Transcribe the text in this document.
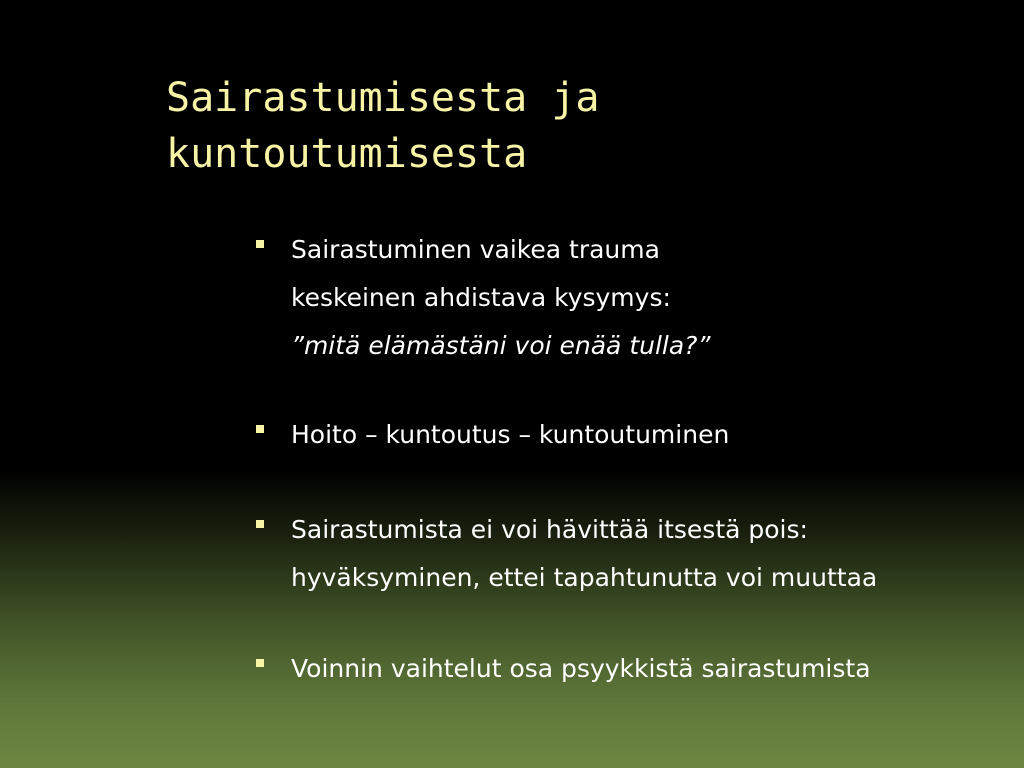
Sairastumisesta ja
kuntoutumisesta
Sairastuminen vaikea trauma
keskeinen ahdistava kysymys:
”mitä elämästäni voi enää tulla?”
Hoito – kuntoutus – kuntoutuminen
Sairastumista ei voi hävittää itsestä pois:
hyväksyminen, ettei tapahtunutta voi muuttaa
Voinnin vaihtelut osa psyykkistä sairastumista
